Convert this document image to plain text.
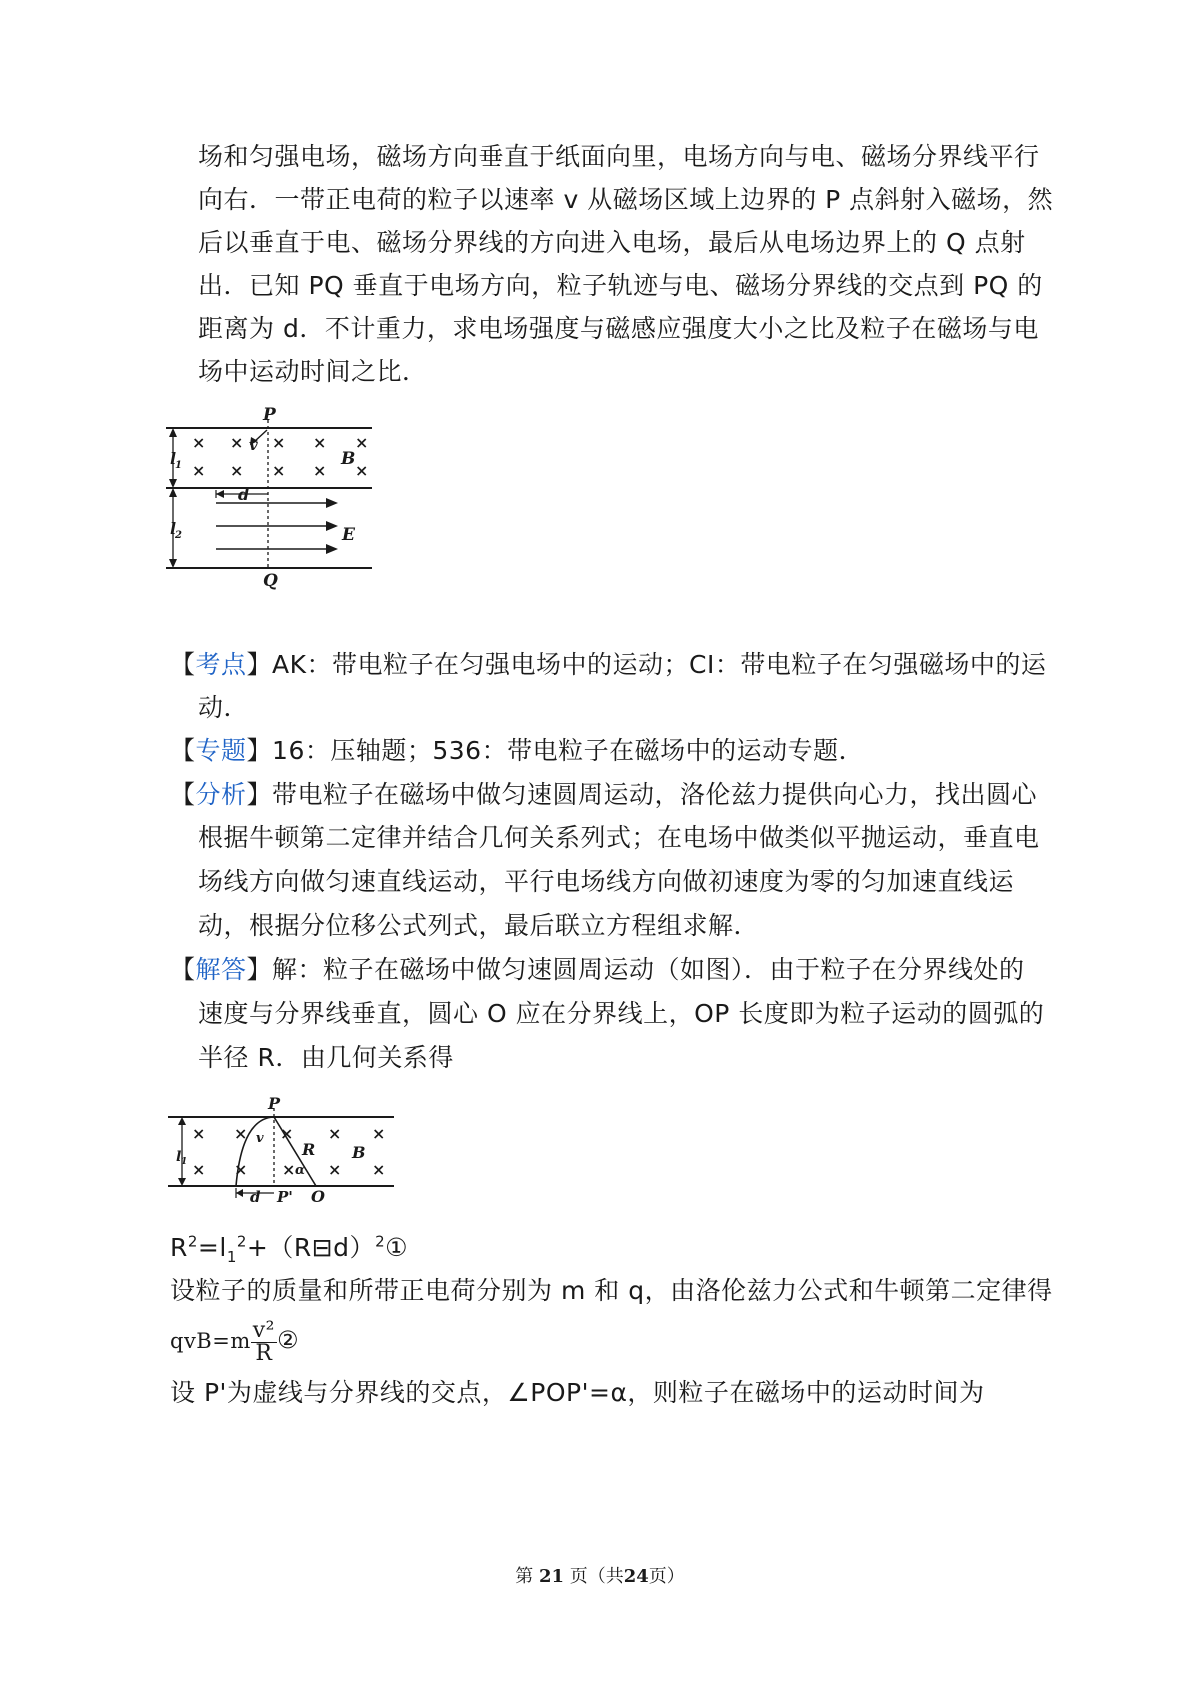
场和匀强电场，磁场方向垂直于纸面向里，电场方向与电、磁场分界线平行
向右．一带正电荷的粒子以速率 v 从磁场区域上边界的 P 点斜射入磁场，然
后以垂直于电、磁场分界线的方向进入电场，最后从电场边界上的 Q 点射
出．已知 PQ 垂直于电场方向，粒子轨迹与电、磁场分界线的交点到 PQ 的
距离为 d．不计重力，求电场强度与磁感应强度大小之比及粒子在磁场与电
场中运动时间之比．
× × × × ×
× × × × ×
P
v
B
l
1
l
2
d
E
Q
【考点】AK：带电粒子在匀强电场中的运动；CI：带电粒子在匀强磁场中的运
动．
【专题】16：压轴题；536：带电粒子在磁场中的运动专题．
【分析】带电粒子在磁场中做匀速圆周运动，洛伦兹力提供向心力，找出圆心
根据牛顿第二定律并结合几何关系列式；在电场中做类似平抛运动，垂直电
场线方向做匀速直线运动，平行电场线方向做初速度为零的匀加速直线运
动，根据分位移公式列式，最后联立方程组求解．
【解答】解：粒子在磁场中做匀速圆周运动（如图）．由于粒子在分界线处的
速度与分界线垂直，圆心 O 应在分界线上，OP 长度即为粒子运动的圆弧的
半径 R．由几何关系得
× × × × ×
× × × × ×
P
v
R
α
B
l 1
d P' O
$R^2=l_1^2+(R⊟d)^2①$
设粒子的质量和所带正电荷分别为 m 和 q，由洛伦兹力公式和牛顿第二定律得
$qvB=m \frac{\text{v²}}{R}$ ②
设 P'为虚线与分界线的交点，∠POP'=α，则粒子在磁场中的运动时间为
第 21 页（共24页）
